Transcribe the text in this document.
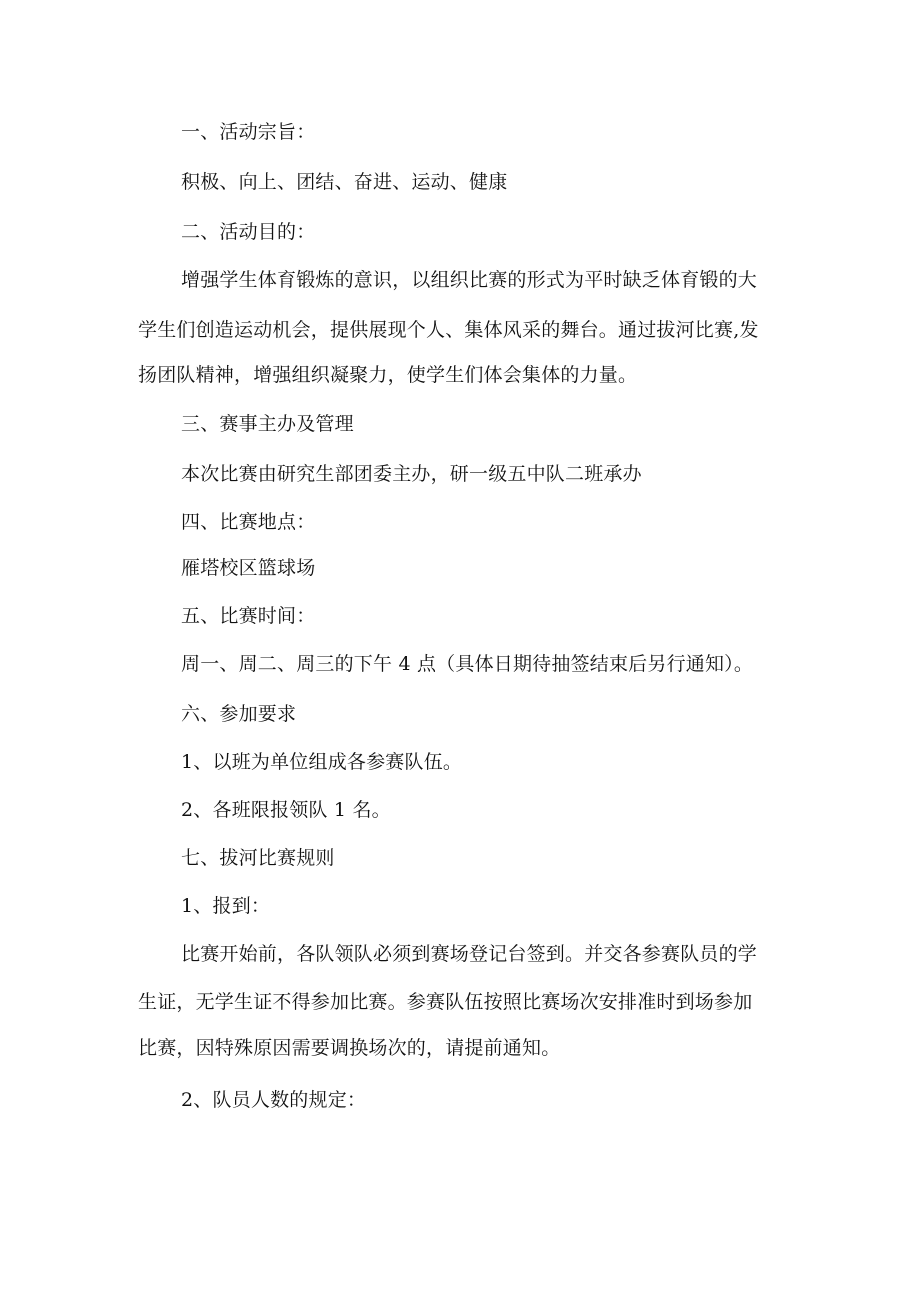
一、活动宗旨：
积极、向上、团结、奋进、运动、健康
二、活动目的：
增强学生体育锻炼的意识，以组织比赛的形式为平时缺乏体育锻的大
学生们创造运动机会，提供展现个人、集体风采的舞台。通过拔河比赛,发
扬团队精神，增强组织凝聚力，使学生们体会集体的力量。
三、赛事主办及管理
本次比赛由研究生部团委主办，研一级五中队二班承办
四、比赛地点：
雁塔校区篮球场
五、比赛时间：
周一、周二、周三的下午 4 点（具体日期待抽签结束后另行通知）。
六、参加要求
1、以班为单位组成各参赛队伍。
2、各班限报领队 1 名。
七、拔河比赛规则
1、报到：
比赛开始前，各队领队必须到赛场登记台签到。并交各参赛队员的学
生证，无学生证不得参加比赛。参赛队伍按照比赛场次安排准时到场参加
比赛，因特殊原因需要调换场次的，请提前通知。
2、队员人数的规定：
